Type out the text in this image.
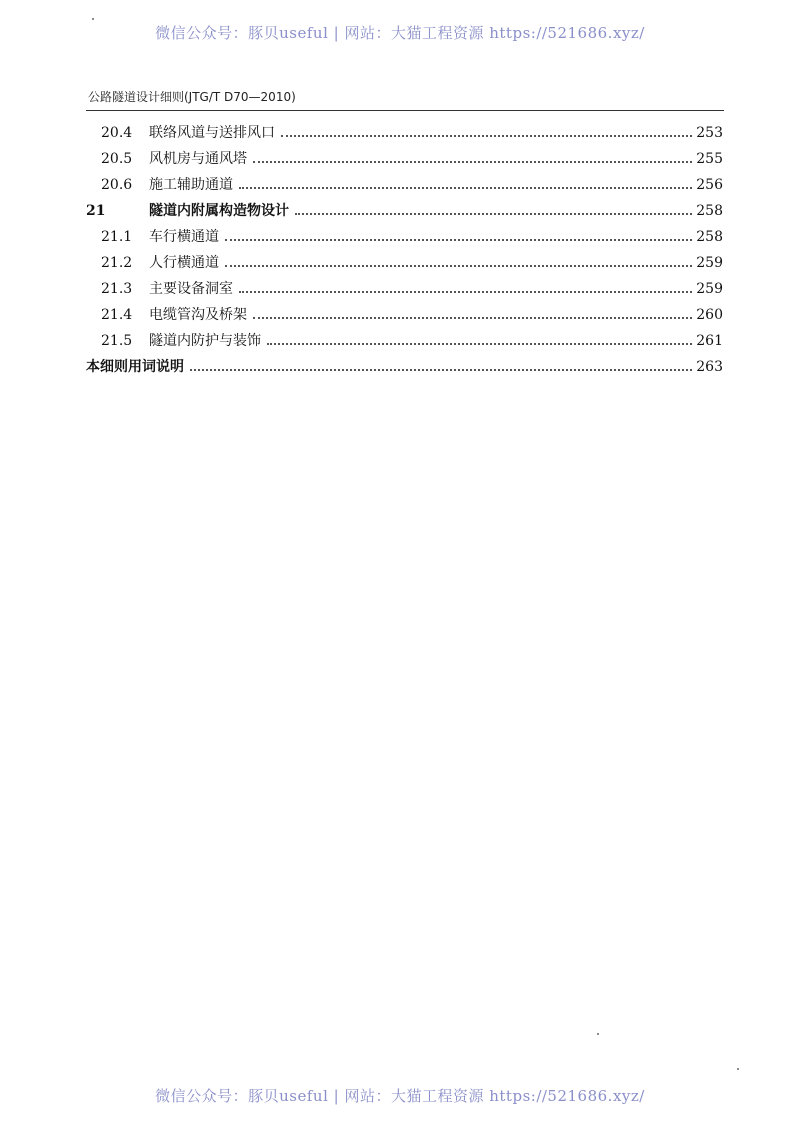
微信公众号：豚贝useful | 网站：大猫工程资源 https://521686.xyz/
公路隧道设计细则(JTG/T D70—2010)
20.4	联络风道与送排风口	253
20.5	风机房与通风塔	255
20.6	施工辅助通道	256
21	隧道内附属构造物设计	258
21.1	车行横通道	258
21.2	人行横通道	259
21.3	主要设备洞室	259
21.4	电缆管沟及桥架	260
21.5	隧道内防护与装饰	261
本细则用词说明	263
微信公众号：豚贝useful | 网站：大猫工程资源 https://521686.xyz/
